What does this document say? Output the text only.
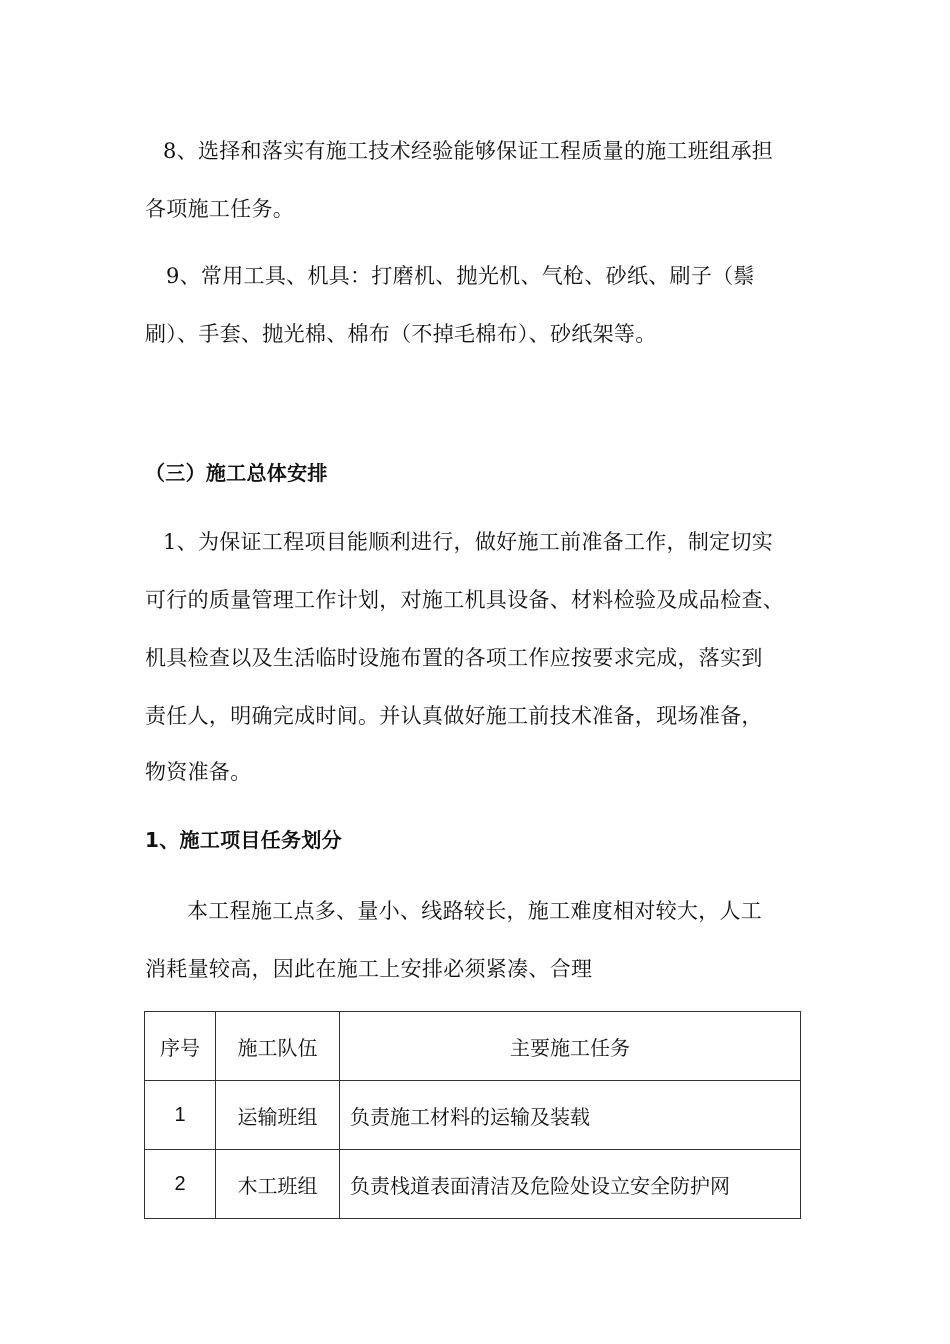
8、选择和落实有施工技术经验能够保证工程质量的施工班组承担
各项施工任务。
9、常用工具、机具：打磨机、抛光机、气枪、砂纸、刷子（鬃
刷）、手套、抛光棉、棉布（不掉毛棉布）、砂纸架等。
（三）施工总体安排
1、为保证工程项目能顺利进行，做好施工前准备工作，制定切实
可行的质量管理工作计划，对施工机具设备、材料检验及成品检查、
机具检查以及生活临时设施布置的各项工作应按要求完成，落实到
责任人，明确完成时间。并认真做好施工前技术准备，现场准备，
物资准备。
1、施工项目任务划分
本工程施工点多、量小、线路较长，施工难度相对较大，人工
消耗量较高，因此在施工上安排必须紧凑、合理
序号	施工队伍	主要施工任务
1	运输班组	负责施工材料的运输及装载
2	木工班组	负责栈道表面清洁及危险处设立安全防护网
